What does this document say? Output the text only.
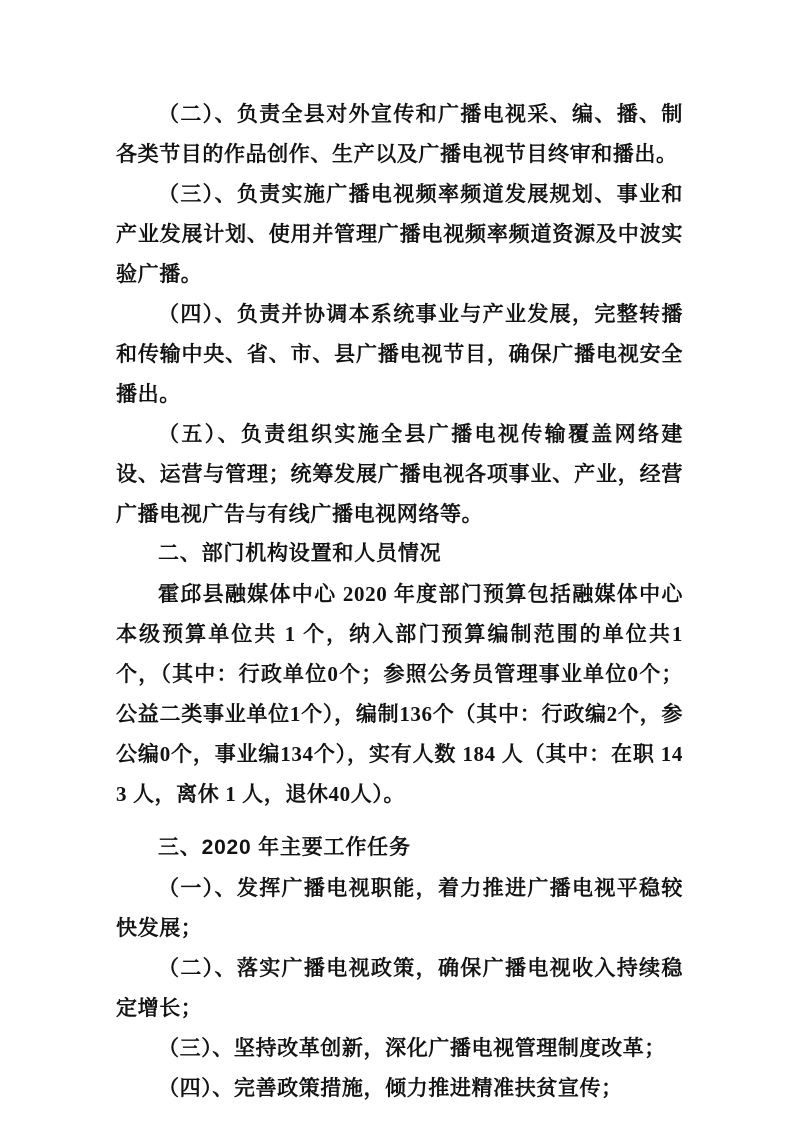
（二）、负责全县对外宣传和广播电视采、编、播、制各类节目的作品创作、生产以及广播电视节目终审和播出。

（三）、负责实施广播电视频率频道发展规划、事业和产业发展计划、使用并管理广播电视频率频道资源及中波实验广播。

（四）、负责并协调本系统事业与产业发展，完整转播和传输中央、省、市、县广播电视节目，确保广播电视安全 播出。

（五）、负责组织实施全县广播电视传输覆盖网络建设、运营与管理；统筹发展广播电视各项事业、产业，经营 广播电视广告与有线广播电视网络等。

二、部门机构设置和人员情况

霍邱县融媒体中心 2020 年度部门预算包括融媒体中心本级预算单位共 1 个，纳入部门预算编制范围的单位共1个，（其中：行政单位0个；参照公务员管理事业单位0个；公益二类事业单位1个），编制136个（其中：行政编2个，参公编0个，事业编134个），实有人数 184 人（其中：在职 143 人，离休 1 人，退休40人）。

三、2020 年主要工作任务

（一）、发挥广播电视职能，着力推进广播电视平稳较快发展；

（二）、落实广播电视政策，确保广播电视收入持续稳定增长；

（三）、坚持改革创新，深化广播电视管理制度改革；

（四）、完善政策措施，倾力推进精准扶贫宣传；
